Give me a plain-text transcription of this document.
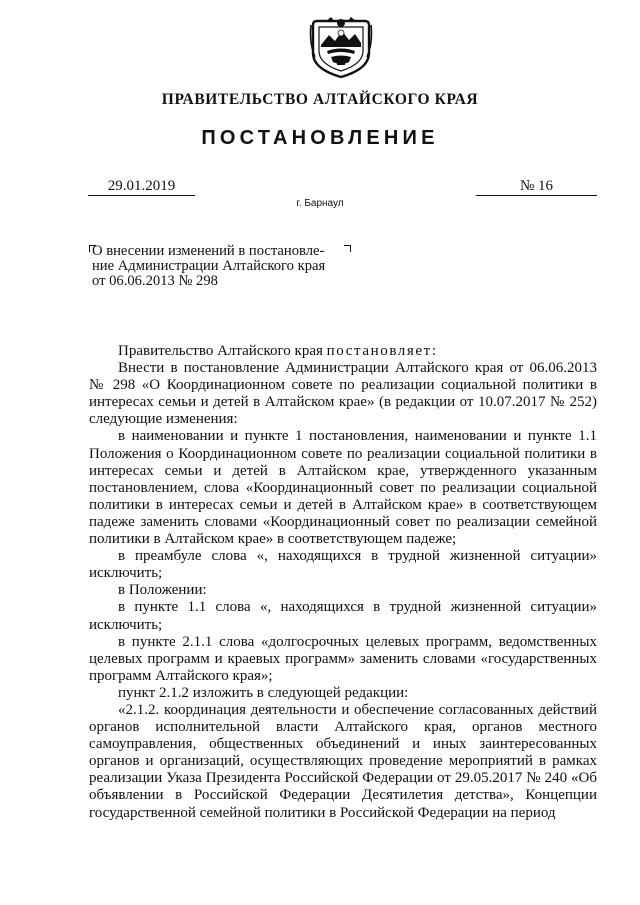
ПРАВИТЕЛЬСТВО АЛТАЙСКОГО КРАЯ
ПОСТАНОВЛЕНИЕ
29.01.2019	№ 16
г. Барнаул
О внесении изменений в постановле-
ние Администрации Алтайского края
от 06.06.2013 № 298

Правительство Алтайского края постановляет:

Внести в постановление Администрации Алтайского края от 06.06.2013 № 298 «О Координационном совете по реализации социальной политики в интересах семьи и детей в Алтайском крае» (в редакции от 10.07.2017 № 252) следующие изменения:

в наименовании и пункте 1 постановления, наименовании и пункте 1.1 Положения о Координационном совете по реализации социальной политики в интересах семьи и детей в Алтайском крае, утвержденного указанным постановлением, слова «Координационный совет по реализации социальной политики в интересах семьи и детей в Алтайском крае» в соответствующем падеже заменить словами «Координационный совет по реализации семейной политики в Алтайском крае» в соответствующем падеже;

в преамбуле слова «, находящихся в трудной жизненной ситуации» исключить;

в Положении:

в пункте 1.1 слова «, находящихся в трудной жизненной ситуации» исключить;

в пункте 2.1.1 слова «долгосрочных целевых программ, ведомственных целевых программ и краевых программ» заменить словами «государственных программ Алтайского края»;

пункт 2.1.2 изложить в следующей редакции:

«2.1.2. координация деятельности и обеспечение согласованных действий органов исполнительной власти Алтайского края, органов местного самоуправления, общественных объединений и иных заинтересованных органов и организаций, осуществляющих проведение мероприятий в рамках реализации Указа Президента Российской Федерации от 29.05.2017 № 240 «Об объявлении в Российской Федерации Десятилетия детства», Концепции государственной семейной политики в Российской Федерации на период
